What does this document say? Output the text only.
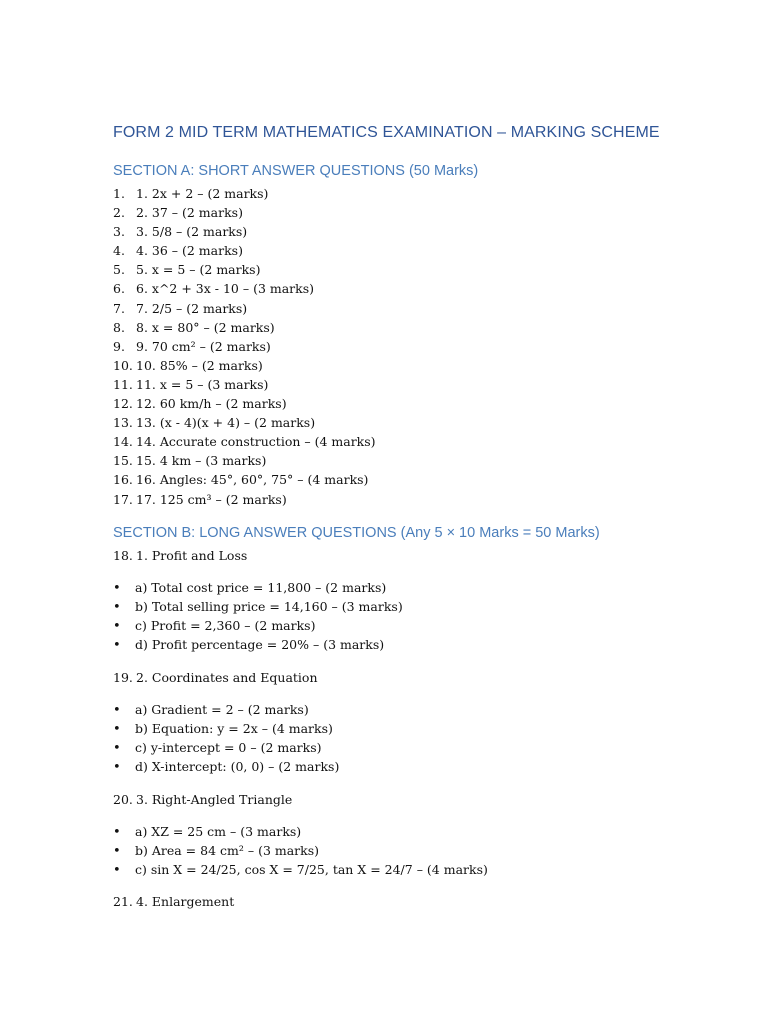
FORM 2 MID TERM MATHEMATICS EXAMINATION – MARKING SCHEME
SECTION A: SHORT ANSWER QUESTIONS (50 Marks)
1. 1. 2x + 2 – (2 marks)
2. 2. 37 – (2 marks)
3. 3. 5/8 – (2 marks)
4. 4. 36 – (2 marks)
5. 5. x = 5 – (2 marks)
6. 6. x^2 + 3x - 10 – (3 marks)
7. 7. 2/5 – (2 marks)
8. 8. x = 80° – (2 marks)
9. 9. 70 cm² – (2 marks)
10. 10. 85% – (2 marks)
11. 11. x = 5 – (3 marks)
12. 12. 60 km/h – (2 marks)
13. 13. (x - 4)(x + 4) – (2 marks)
14. 14. Accurate construction – (4 marks)
15. 15. 4 km – (3 marks)
16. 16. Angles: 45°, 60°, 75° – (4 marks)
17. 17. 125 cm³ – (2 marks)
SECTION B: LONG ANSWER QUESTIONS (Any 5 × 10 Marks = 50 Marks)
18. 1. Profit and Loss
• a) Total cost price = 11,800 – (2 marks)
• b) Total selling price = 14,160 – (3 marks)
• c) Profit = 2,360 – (2 marks)
• d) Profit percentage = 20% – (3 marks)
19. 2. Coordinates and Equation
• a) Gradient = 2 – (2 marks)
• b) Equation: y = 2x – (4 marks)
• c) y-intercept = 0 – (2 marks)
• d) X-intercept: (0, 0) – (2 marks)
20. 3. Right-Angled Triangle
• a) XZ = 25 cm – (3 marks)
• b) Area = 84 cm² – (3 marks)
• c) sin X = 24/25, cos X = 7/25, tan X = 24/7 – (4 marks)
21. 4. Enlargement
